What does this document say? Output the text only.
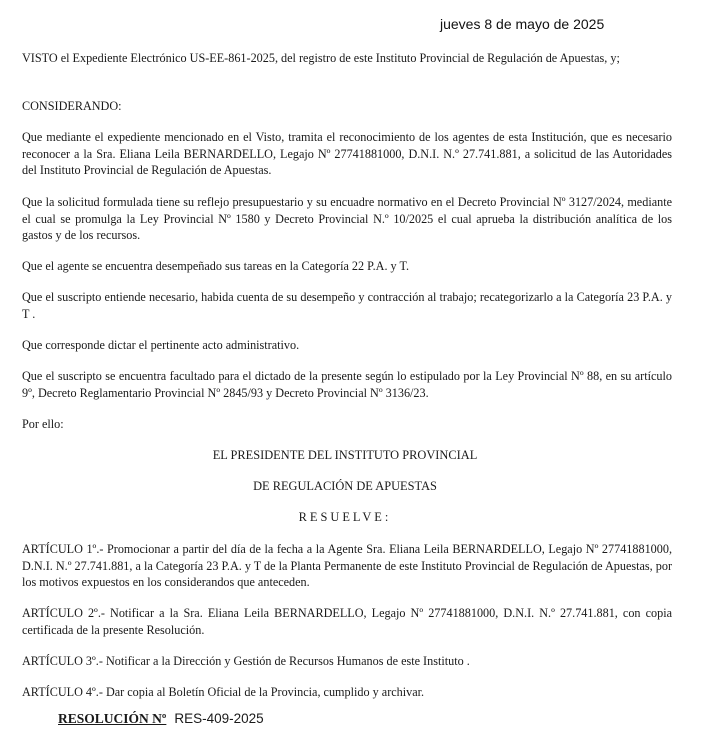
jueves 8 de mayo de 2025

VISTO el Expediente Electrónico US-EE-861-2025, del registro de este Instituto Provincial de Regulación de Apuestas, y;

CONSIDERANDO:

Que mediante el expediente mencionado en el Visto, tramita el reconocimiento de los agentes de esta Institución, que es necesario reconocer a la Sra. Eliana Leila BERNARDELLO, Legajo Nº 27741881000, D.N.I. N.º 27.741.881, a solicitud de las Autoridades del Instituto Provincial de Regulación de Apuestas.

Que la solicitud formulada tiene su reflejo presupuestario y su encuadre normativo en el Decreto Provincial Nº 3127/2024, mediante el cual se promulga la Ley Provincial Nº 1580 y Decreto Provincial N.º 10/2025 el cual aprueba la distribución analítica de los gastos y de los recursos.

Que el agente se encuentra desempeñado sus tareas en la Categoría 22 P.A. y T.

Que el suscripto entiende necesario, habida cuenta de su desempeño y contracción al trabajo; recategorizarlo a la Categoría 23 P.A. y T .

Que corresponde dictar el pertinente acto administrativo.

Que el suscripto se encuentra facultado para el dictado de la presente según lo estipulado por la Ley Provincial Nº 88, en su artículo 9º, Decreto Reglamentario Provincial Nº 2845/93 y Decreto Provincial Nº 3136/23.

Por ello:

EL PRESIDENTE DEL INSTITUTO PROVINCIAL

DE REGULACIÓN DE APUESTAS

RESUELVE:

ARTÍCULO 1º.- Promocionar a partir del día de la fecha a la Agente Sra. Eliana Leila BERNARDELLO, Legajo Nº 27741881000, D.N.I. N.º 27.741.881, a la Categoría 23 P.A. y T de la Planta Permanente de este Instituto Provincial de Regulación de Apuestas, por los motivos expuestos en los considerandos que anteceden.

ARTÍCULO 2º.- Notificar a la Sra. Eliana Leila BERNARDELLO, Legajo Nº 27741881000, D.N.I. N.º 27.741.881, con copia certificada de la presente Resolución.

ARTÍCULO 3º.- Notificar a la Dirección y Gestión de Recursos Humanos de este Instituto .

ARTÍCULO 4º.- Dar copia al Boletín Oficial de la Provincia, cumplido y archivar.

RESOLUCIÓN Nº RES-409-2025
